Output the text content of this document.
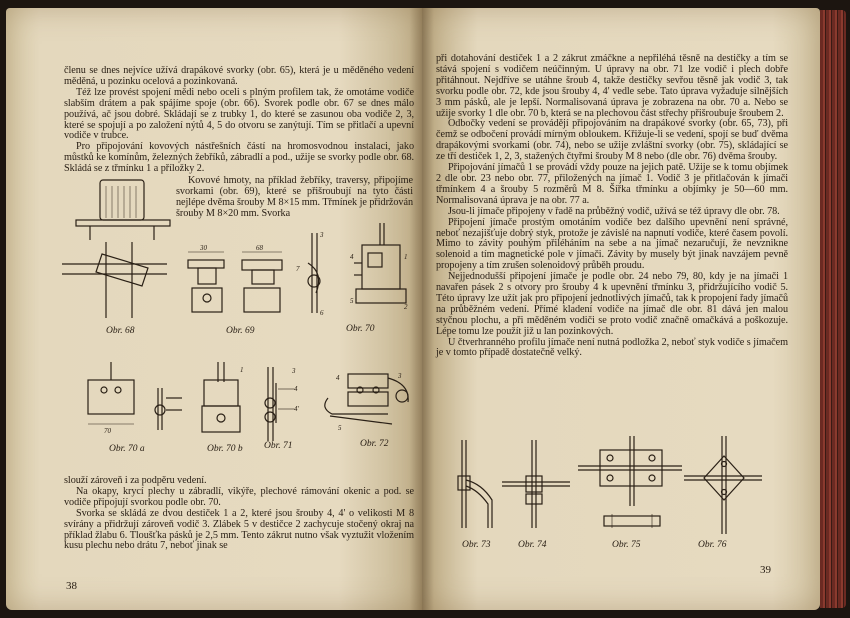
členu se dnes nejvíce užívá drapákové svorky (obr. 65), která je u měděného vedení měděná, u pozinku ocelová a pozinkovaná.

Též lze provést spojení mědi nebo oceli s plným profilem tak, že omotáme vodiče slabším drátem a pak spájíme spoje (obr. 66). Svorek podle obr. 67 se dnes málo používá, ač jsou dobré. Skládají se z trubky 1, do které se zasunou oba vodiče 2, 3, které se spojují a po založení nýtů 4, 5 do otvoru se zanýtují. Tím se přitlačí a upevní vodiče v trubce.

Pro připojování kovových nástřešních částí na hromosvodnou instalaci, jako můstků ke komínům, železných žebříků, zábradlí a pod., užije se svorky podle obr. 68. Skládá se z třmínku 1 a příložky 2.

Obr. 68
30	68
Obr. 69
3
7
6
4	1
5
2
Obr. 70
70
Obr. 70 a
1
Obr. 70 b
3
4
4'
Obr. 71
4
5
3
Obr. 72

slouží zároveň i za podpěru vedení.

Na okapy, krycí plechy u zábradlí, vikýře, plechové rámování okenic a pod. se vodiče připojují svorkou podle obr. 70.

Svorka se skládá ze dvou destiček 1 a 2, které jsou šrouby 4, 4' o velikosti M 8 svírány a přidržují zároveň vodič 3. Zlábek 5 v destičce 2 zachycuje stočený okraj na příklad žlabu 6. Tloušťka pásků je 2,5 mm. Tento zákrut nutno však vyztužit vložením kusu plechu nebo drátu 7, neboť jinak se

38

Kovové hmoty, na příklad žebříky, traversy, připojíme svorkami (obr. 69), které se přišroubují na tyto části nejlépe dvěma šrouby M 8×15 mm. Třmínek je přidržován šrouby M 8×20 mm. Svorka

při dotahování destiček 1 a 2 zákrut zmáčkne a nepřiléhá těsně na destičky a tím se stává spojení s vodičem neúčinným. U úpravy na obr. 71 lze vodič i plech dobře přitáhnout. Nejdříve se utáhne šroub 4, takže destičky sevřou těsně jak vodič 3, tak svorku podle obr. 72, kde jsou šrouby 4, 4' vedle sebe. Tato úprava vyžaduje silnějších 3 mm pásků, ale je lepší. Normalisovaná úprava je zobrazena na obr. 70 a. Nebo se užije svorky 1 dle obr. 70 b, která se na plechovou část střechy přišroubuje šroubem 2.

Odbočky vedení se provádějí připojováním na drapákové svorky (obr. 65, 73), při čemž se odbočení provádí mírným obloukem. Křižuje-li se vedení, spojí se buď dvěma drapákovými svorkami (obr. 74), nebo se užije zvláštní svorky (obr. 75), skládající se ze tří destiček 1, 2, 3, stažených čtyřmi šrouby M 8 nebo (dle obr. 76) dvěma šrouby.

Připojování jímačů 1 se provádí vždy pouze na jejich patě. Užije se k tomu objímek 2 dle obr. 23 nebo obr. 77, přiložených na jímač 1. Vodič 3 je přitlačován k jímači třmínkem 4 a šrouby 5 rozměrů M 8. Šířka třmínku a objímky je 50—60 mm. Normalisovaná úprava je na obr. 77 a.

Jsou-li jímače připojeny v řadě na průběžný vodič, užívá se též úpravy dle obr. 78.

Připojení jímače prostým omotáním vodiče bez dalšího upevnění není správné, neboť nezajišťuje dobrý styk, protože je závislé na napnutí vodiče, které časem povolí. Mimo to závity pouhým přiléháním na sebe a na jímač nezaručují, že nevznikne solenoid a tím magnetické pole v jímači. Závity by musely být jinak navzájem pevně propojeny a tím zrušen solenoidový průběh proudu.

Nejjednodušší připojení jímače je podle obr. 24 nebo 79, 80, kdy je na jímači 1 navařen pásek 2 s otvory pro šrouby 4 k upevnění třmínku 3, přidržujícího vodič 5. Této úpravy lze užít jak pro připojení jednotlivých jímačů, tak k propojení řady jímačů na průběžném vedení. Přímé kladení vodiče na jímač dle obr. 81 dává jen malou styčnou plochu, a při měděném vodiči se proto vodič značně omačkává a poškozuje. Lépe tomu lze použít již u lan pozinkových.

U čtverhranného profilu jímače není nutná podložka 2, neboť styk vodiče s jímačem je v tomto případě dostatečně velký.

Obr. 73	Obr. 74	Obr. 75	Obr. 76
39
